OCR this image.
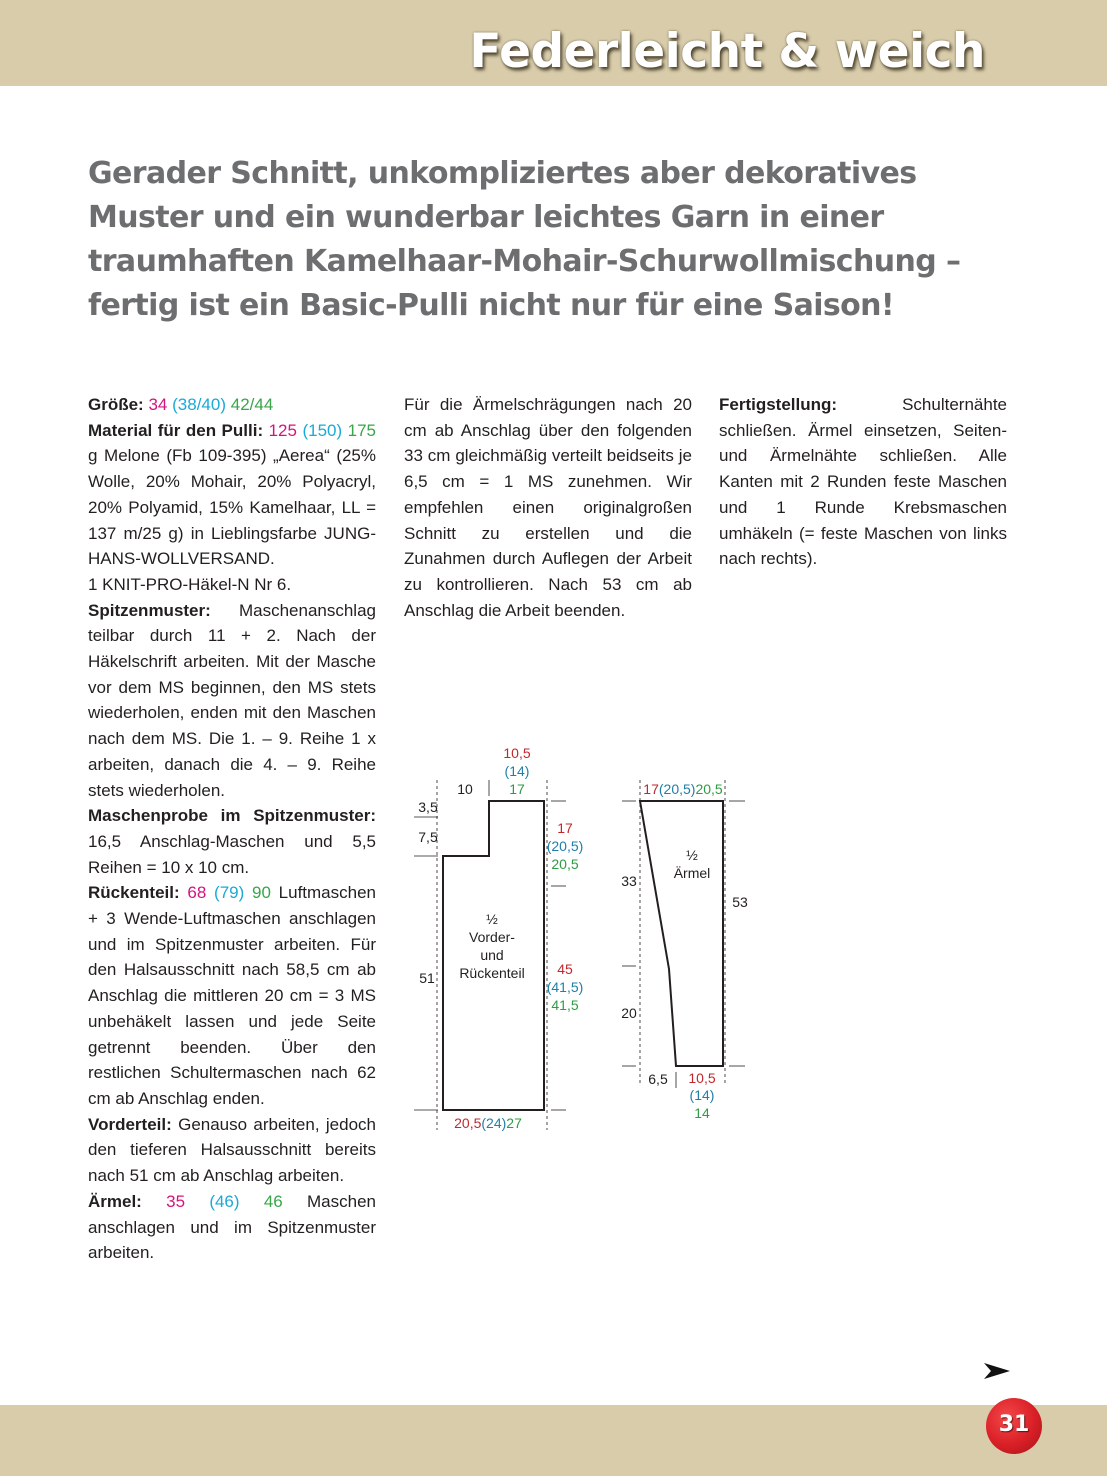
Federleicht & weich
Gerader Schnitt, unkompliziertes aber dekoratives
Muster und ein wunderbar leichtes Garn in einer
traumhaften Kamelhaar-Mohair-Schurwollmischung –
fertig ist ein Basic-Pulli nicht nur für eine Saison!

Größe: 34 (38/40) 42/44

Material für den Pulli: 125 (150) 175 g Melone (Fb 109-395) „Aerea“ (25% Wolle, 20% Mohair, 20% Polyacryl, 20% Polyamid, 15% Kamelhaar, LL = 137 m/25 g) in Lieblingsfarbe JUNG-HANS-WOLLVERSAND.

1 KNIT-PRO-Häkel-N Nr 6.

Spitzenmuster: Maschenanschlag teilbar durch 11 + 2. Nach der Häkelschrift arbeiten. Mit der Masche vor dem MS beginnen, den MS stets wiederholen, enden mit den Maschen nach dem MS. Die 1. – 9. Reihe 1 x arbeiten, danach die 4. – 9. Reihe stets wiederholen.

Maschenprobe im Spitzenmuster: 16,5 Anschlag-Maschen und 5,5 Reihen = 10 x 10 cm.

Rückenteil: 68 (79) 90 Luftmaschen + 3 Wende-Luftmaschen anschlagen und im Spitzenmuster arbeiten. Für den Halsausschnitt nach 58,5 cm ab Anschlag die mittleren 20 cm = 3 MS unbehäkelt lassen und jede Seite getrennt beenden. Über den restlichen Schultermaschen nach 62 cm ab Anschlag enden.

Vorderteil: Genauso arbeiten, jedoch den tieferen Halsausschnitt bereits nach 51 cm ab Anschlag arbeiten.

Ärmel: 35 (46) 46 Maschen anschlagen und im Spitzenmuster arbeiten.

Für die Ärmelschrägungen nach 20 cm ab Anschlag über den folgenden 33 cm gleichmäßig verteilt beidseits je 6,5 cm = 1 MS zunehmen. Wir empfehlen einen originalgroßen Schnitt zu erstellen und die Zunahmen durch Auflegen der Arbeit zu kontrollieren. Nach 53 cm ab Anschlag die Arbeit beenden.

Fertigstellung:	Schulternähte schließen. Ärmel einsetzen, Seiten- und Ärmelnähte schließen. Alle Kanten mit 2 Runden feste Maschen und 1 Runde Krebsmaschen umhäkeln (= feste Maschen von links nach rechts).

½
Vorder-
und
Rückenteil
10
10,5
(14)
17
3,5
7,5
17
(20,5)
20,5
51
45
(41,5)
41,5
20,5(24)27
½
Ärmel
17(20,5)20,5
33
20
53
6,5 10,5
(14)
14
31
